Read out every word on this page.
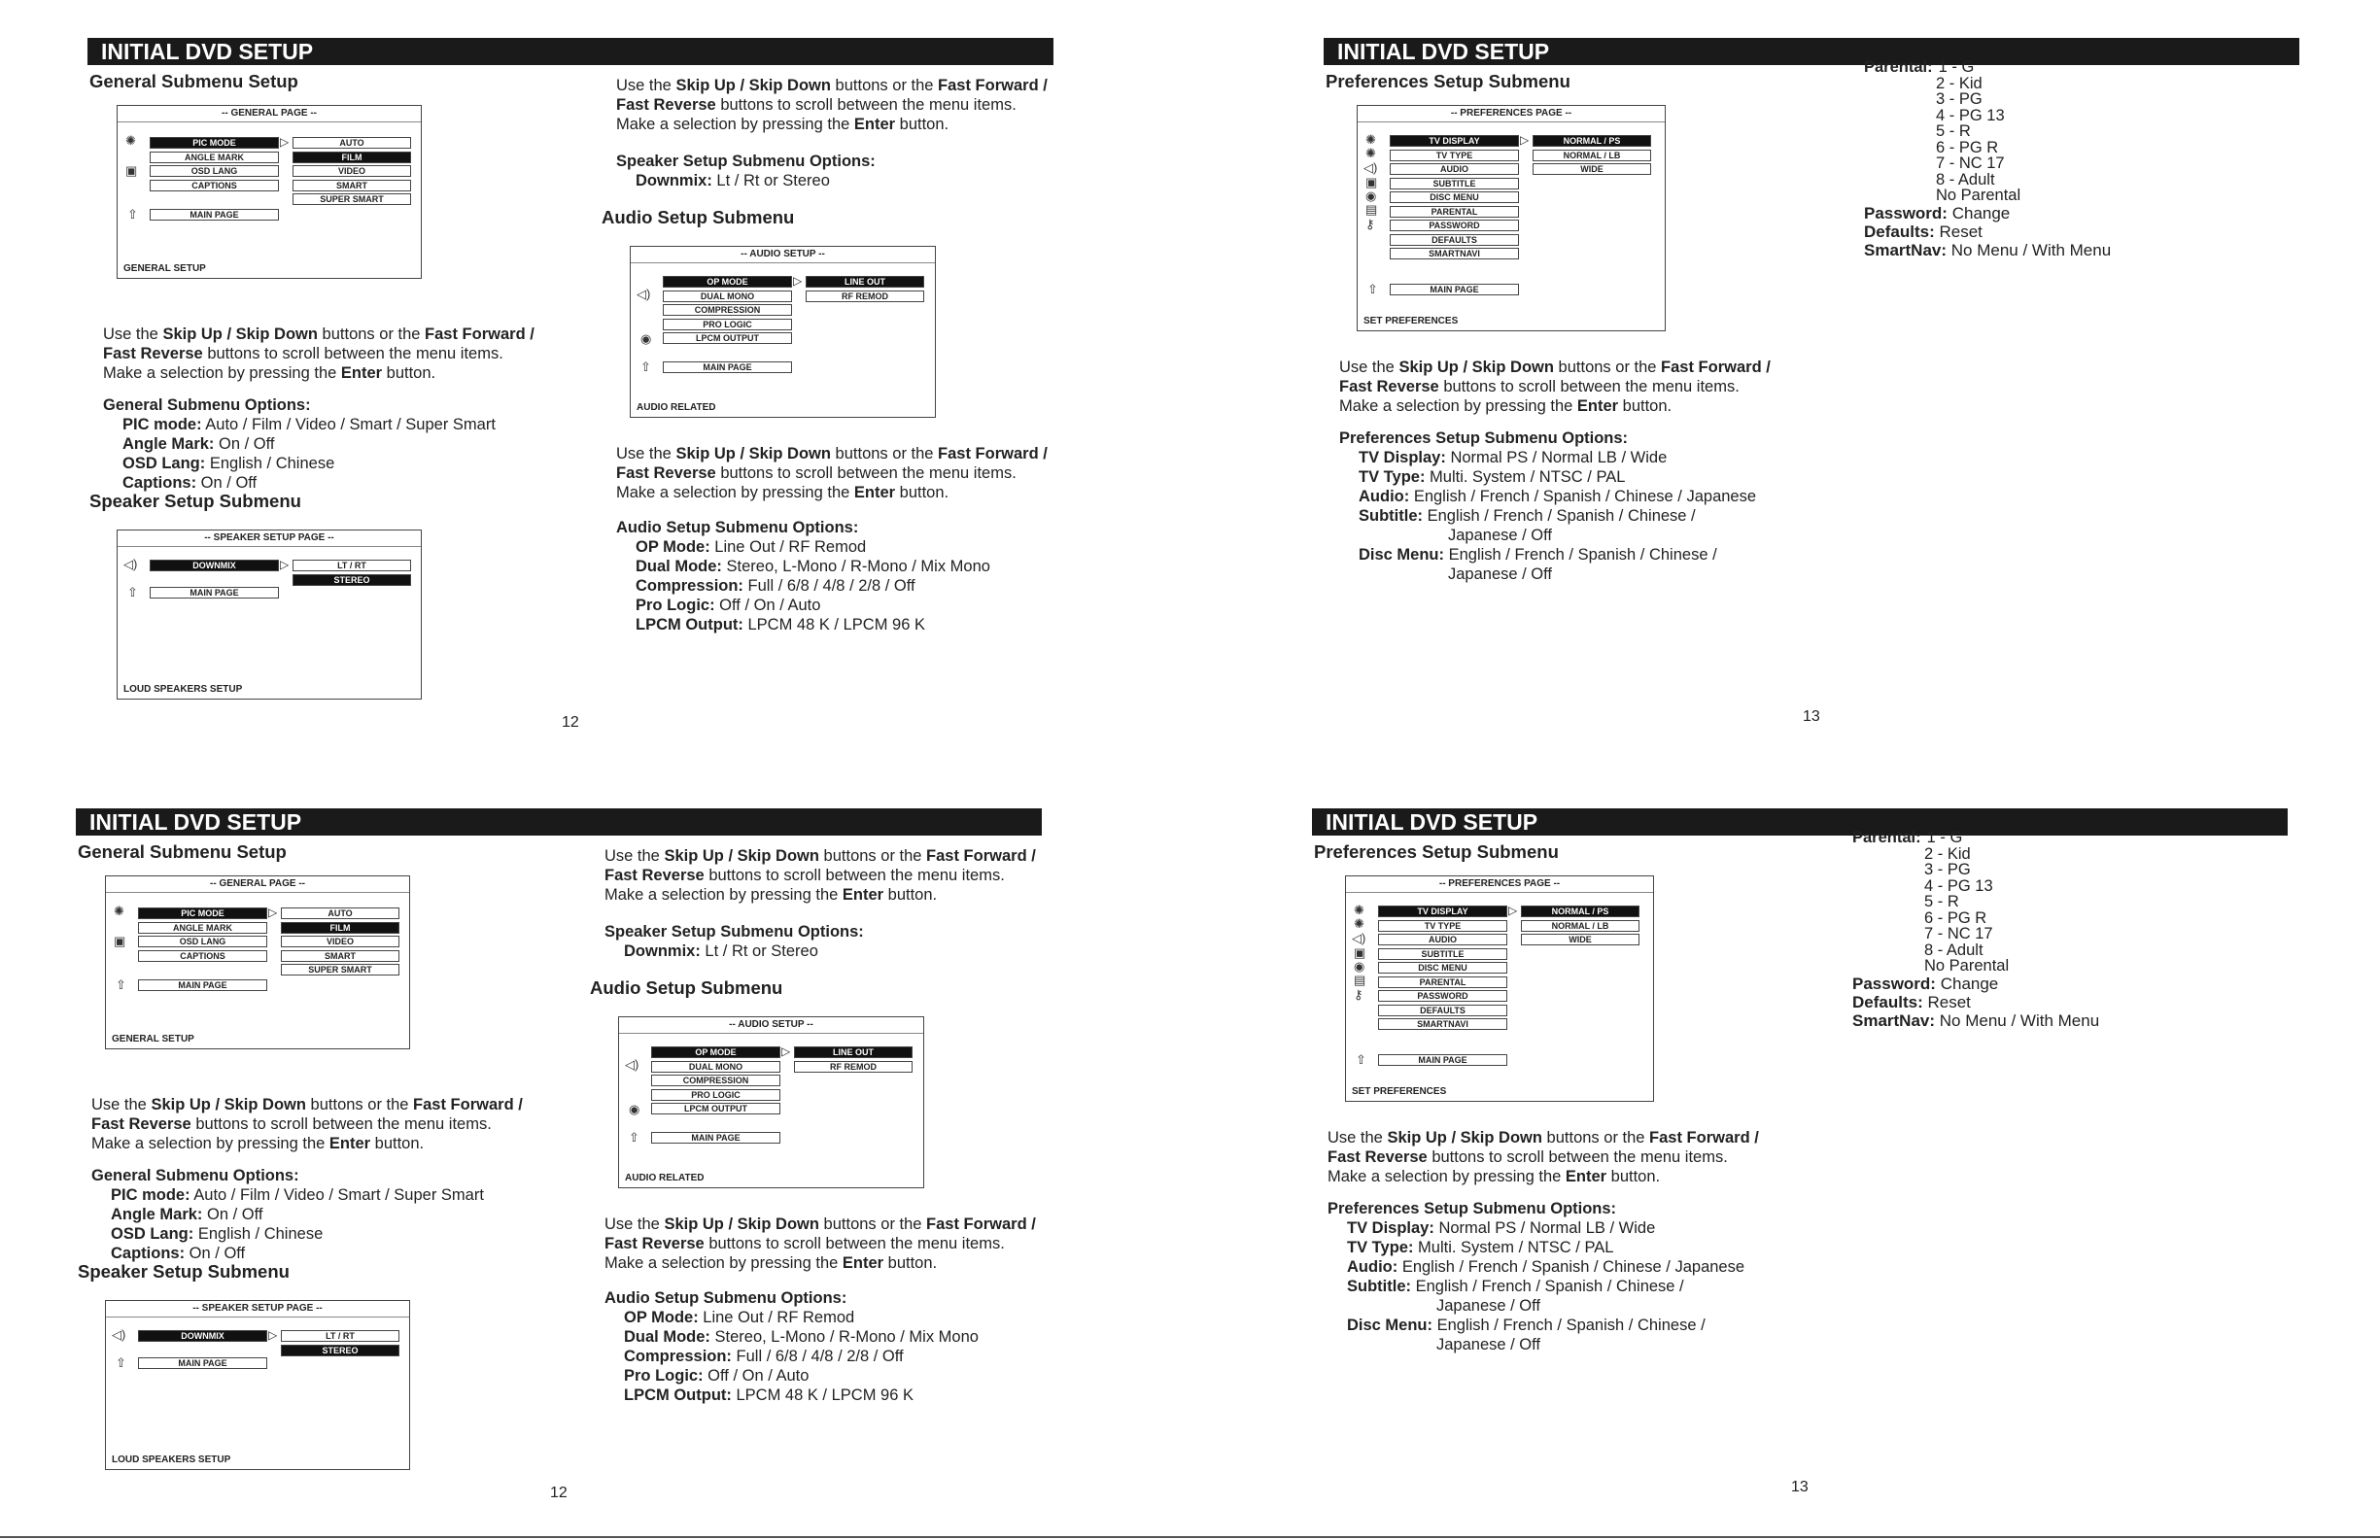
INITIAL DVD SETUP
General Submenu Setup
-- GENERAL PAGE --
GENERAL SETUP
PIC MODE
ANGLE MARK
OSD LANG
CAPTIONS
MAIN PAGE
▷	AUTO
FILM
VIDEO
SMART
SUPER SMART
✺
▣
⇧
Use the Skip Up / Skip Down buttons or the Fast Forward /
Fast Reverse buttons to scroll between the menu items.
Make a selection by pressing the Enter button.
General Submenu Options:
PIC mode: Auto / Film / Video / Smart / Super Smart
Angle Mark: On / Off
OSD Lang: English / Chinese
Captions: On / Off
Speaker Setup Submenu
-- SPEAKER SETUP PAGE --
LOUD SPEAKERS SETUP
DOWNMIX
MAIN PAGE
▷	LT / RT
STEREO
◁)
⇧
Use the Skip Up / Skip Down buttons or the Fast Forward /
Fast Reverse buttons to scroll between the menu items.
Make a selection by pressing the Enter button.
Speaker Setup Submenu Options:
Downmix: Lt / Rt or Stereo
Audio Setup Submenu
-- AUDIO SETUP --
AUDIO RELATED
OP MODE
DUAL MONO
COMPRESSION
PRO LOGIC
LPCM OUTPUT
MAIN PAGE
▷	LINE OUT
RF REMOD
◁)
◉
⇧
Use the Skip Up / Skip Down buttons or the Fast Forward /
Fast Reverse buttons to scroll between the menu items.
Make a selection by pressing the Enter button.
Audio Setup Submenu Options:
OP Mode: Line Out / RF Remod
Dual Mode: Stereo, L-Mono / R-Mono / Mix Mono
Compression: Full / 6/8 / 4/8 / 2/8 / Off
Pro Logic: Off / On / Auto
LPCM Output: LPCM 48 K / LPCM 96 K
12
INITIAL DVD SETUP
Preferences Setup Submenu
-- PREFERENCES PAGE --
SET PREFERENCES
TV DISPLAY
TV TYPE
AUDIO
SUBTITLE
DISC MENU
PARENTAL
PASSWORD
DEFAULTS
SMARTNAVI
MAIN PAGE
▷	NORMAL / PS
NORMAL / LB
WIDE
✺
✺
◁)
▣
◉
▤
⚷
⇧
Use the Skip Up / Skip Down buttons or the Fast Forward /
Fast Reverse buttons to scroll between the menu items.
Make a selection by pressing the Enter button.
Preferences Setup Submenu Options:
TV Display: Normal PS / Normal LB / Wide
TV Type: Multi. System / NTSC / PAL
Audio: English / French / Spanish / Chinese / Japanese
Subtitle: English / French / Spanish / Chinese /
Japanese / Off
Disc Menu: English / French / Spanish / Chinese /
Japanese / Off
Parental: 1 - G
2 - Kid
3 - PG
4 - PG 13
5 - R
6 - PG R
7 - NC 17
8 - Adult
No Parental
Password: Change
Defaults: Reset
SmartNav: No Menu / With Menu
13
INITIAL DVD SETUP
General Submenu Setup
-- GENERAL PAGE --
GENERAL SETUP
PIC MODE
ANGLE MARK
OSD LANG
CAPTIONS
MAIN PAGE
▷	AUTO
FILM
VIDEO
SMART
SUPER SMART
✺
▣
⇧
Use the Skip Up / Skip Down buttons or the Fast Forward /
Fast Reverse buttons to scroll between the menu items.
Make a selection by pressing the Enter button.
General Submenu Options:
PIC mode: Auto / Film / Video / Smart / Super Smart
Angle Mark: On / Off
OSD Lang: English / Chinese
Captions: On / Off
Speaker Setup Submenu
-- SPEAKER SETUP PAGE --
LOUD SPEAKERS SETUP
DOWNMIX
MAIN PAGE
▷	LT / RT
STEREO
◁)
⇧
Use the Skip Up / Skip Down buttons or the Fast Forward /
Fast Reverse buttons to scroll between the menu items.
Make a selection by pressing the Enter button.
Speaker Setup Submenu Options:
Downmix: Lt / Rt or Stereo
Audio Setup Submenu
-- AUDIO SETUP --
AUDIO RELATED
OP MODE
DUAL MONO
COMPRESSION
PRO LOGIC
LPCM OUTPUT
MAIN PAGE
▷	LINE OUT
RF REMOD
◁)
◉
⇧
Use the Skip Up / Skip Down buttons or the Fast Forward /
Fast Reverse buttons to scroll between the menu items.
Make a selection by pressing the Enter button.
Audio Setup Submenu Options:
OP Mode: Line Out / RF Remod
Dual Mode: Stereo, L-Mono / R-Mono / Mix Mono
Compression: Full / 6/8 / 4/8 / 2/8 / Off
Pro Logic: Off / On / Auto
LPCM Output: LPCM 48 K / LPCM 96 K
12
INITIAL DVD SETUP
Preferences Setup Submenu
-- PREFERENCES PAGE --
SET PREFERENCES
TV DISPLAY
TV TYPE
AUDIO
SUBTITLE
DISC MENU
PARENTAL
PASSWORD
DEFAULTS
SMARTNAVI
MAIN PAGE
▷	NORMAL / PS
NORMAL / LB
WIDE
✺
✺
◁)
▣
◉
▤
⚷
⇧
Use the Skip Up / Skip Down buttons or the Fast Forward /
Fast Reverse buttons to scroll between the menu items.
Make a selection by pressing the Enter button.
Preferences Setup Submenu Options:
TV Display: Normal PS / Normal LB / Wide
TV Type: Multi. System / NTSC / PAL
Audio: English / French / Spanish / Chinese / Japanese
Subtitle: English / French / Spanish / Chinese /
Japanese / Off
Disc Menu: English / French / Spanish / Chinese /
Japanese / Off
Parental: 1 - G
2 - Kid
3 - PG
4 - PG 13
5 - R
6 - PG R
7 - NC 17
8 - Adult
No Parental
Password: Change
Defaults: Reset
SmartNav: No Menu / With Menu
13
